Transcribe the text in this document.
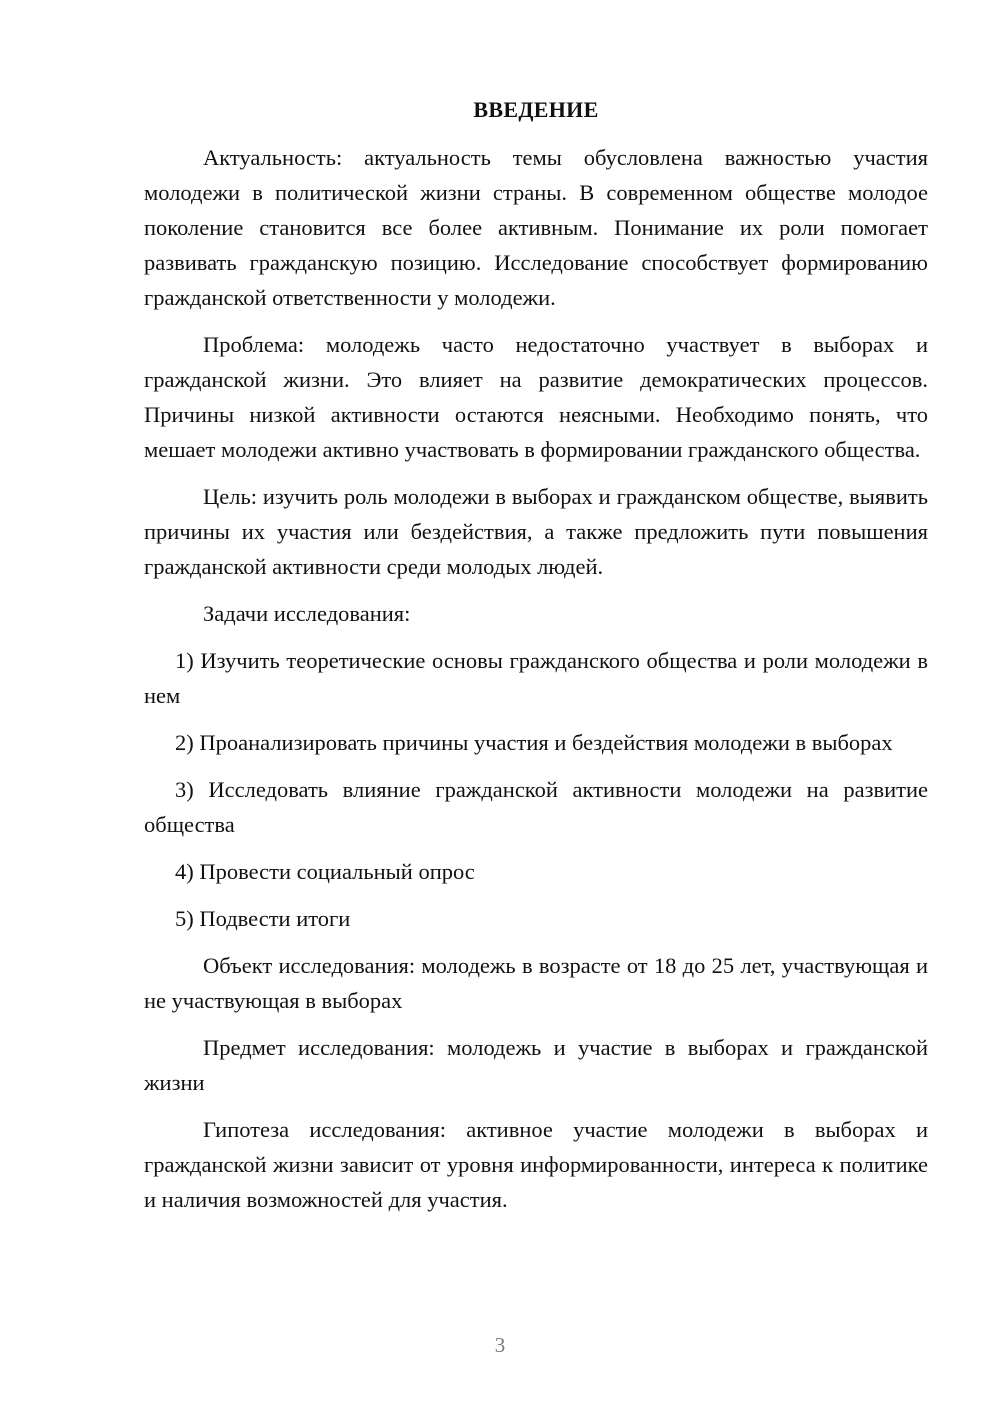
ВВЕДЕНИЕ

Актуальность: актуальность темы обусловлена важностью участия молодежи в политической жизни страны. В современном обществе молодое поколение становится все более активным. Понимание их роли помогает развивать гражданскую позицию. Исследование способствует формированию гражданской ответственности у молодежи.

Проблема: молодежь часто недостаточно участвует в выборах и гражданской жизни. Это влияет на развитие демократических процессов. Причины низкой активности остаются неясными. Необходимо понять, что мешает молодежи активно участвовать в формировании гражданского общества.

Цель: изучить роль молодежи в выборах и гражданском обществе, выявить причины их участия или бездействия, а также предложить пути повышения гражданской активности среди молодых людей.

Задачи исследования:

1) Изучить теоретические основы гражданского общества и роли молодежи в нем

2) Проанализировать причины участия и бездействия молодежи в выборах

3) Исследовать влияние гражданской активности молодежи на развитие общества

4) Провести социальный опрос

5) Подвести итоги

Объект исследования: молодежь в возрасте от 18 до 25 лет, участвующая и не участвующая в выборах

Предмет исследования: молодежь и участие в выборах и гражданской жизни

Гипотеза исследования: активное участие молодежи в выборах и гражданской жизни зависит от уровня информированности, интереса к политике и наличия возможностей для участия.

3
